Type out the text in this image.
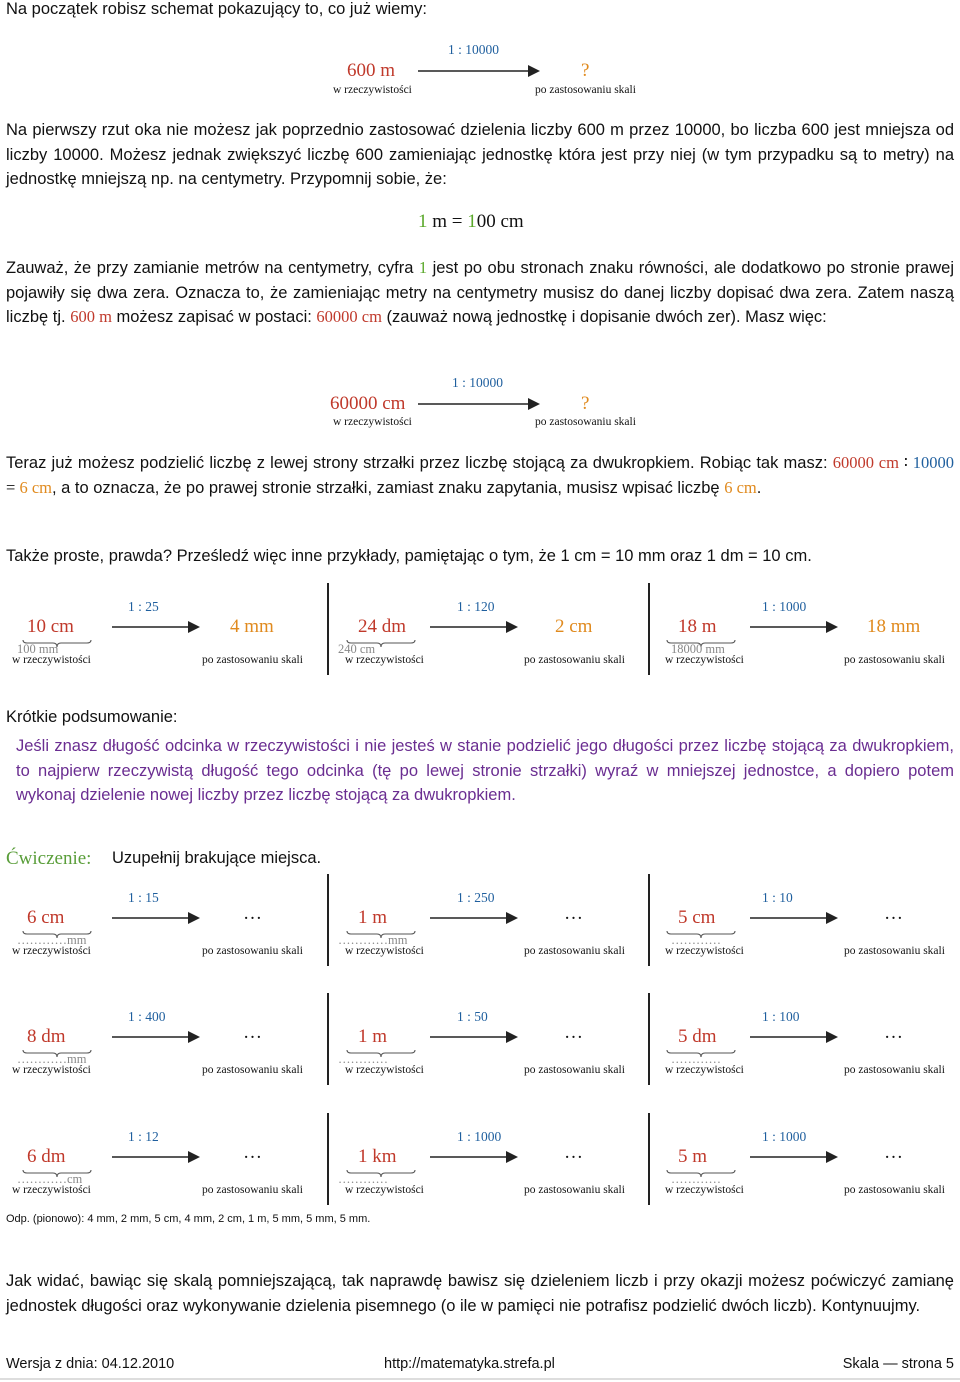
Na początek robisz schemat pokazujący to, co już wiemy:
1 : 10000
600 m	?
w rzeczywistości	po zastosowaniu skali
Na pierwszy rzut oka nie możesz jak poprzednio zastosować dzielenia liczby 600 m przez 10000, bo liczba 600 jest mniejsza od liczby 10000. Możesz jednak zwiększyć liczbę 600 zamieniając jednostkę która jest przy niej (w tym przypadku są to metry) na jednostkę mniejszą np. na centymetry. Przypomnij sobie, że:
1 m = 100 cm
Zauważ, że przy zamianie metrów na centymetry, cyfra 1 jest po obu stronach znaku równości, ale dodatkowo po stronie prawej pojawiły się dwa zera. Oznacza to, że zamieniając metry na centymetry musisz do danej liczby dopisać dwa zera. Zatem naszą liczbę tj. 600 m możesz zapisać w postaci: 60000 cm (zauważ nową jednostkę i dopisanie dwóch zer). Masz więc:
1 : 10000
60000 cm	?
w rzeczywistości	po zastosowaniu skali
Teraz już możesz podzielić liczbę z lewej strony strzałki przez liczbę stojącą za dwukropkiem. Robiąc tak masz: 60000 cm ∶ 10000 = 6 cm, a to oznacza, że po prawej stronie strzałki, zamiast znaku zapytania, musisz wpisać liczbę 6 cm.
Także proste, prawda? Prześledź więc inne przykłady, pamiętając o tym, że 1 cm = 10 mm oraz 1 dm = 10 cm.
1 : 25
10 cm	4 mm
100 mm
w rzeczywistości	po zastosowaniu skali
1 : 120
24 dm	2 cm
240 cm
w rzeczywistości	po zastosowaniu skali
1 : 1000
18 m	18 mm
18000 mm
w rzeczywistości	po zastosowaniu skali
Krótkie podsumowanie:
Jeśli znasz długość odcinka w rzeczywistości i nie jesteś w stanie podzielić jego długości przez liczbę stojącą za dwukropkiem, to najpierw rzeczywistą długość tego odcinka (tę po lewej stronie strzałki) wyraź w mniejszej jednostce, a dopiero potem wykonaj dzielenie nowej liczby przez liczbę stojącą za dwukropkiem.
Ćwiczenie: Uzupełnij brakujące miejsca.
1 : 15
6 cm	…
…………mm
w rzeczywistości	po zastosowaniu skali
1 : 250
1 m	…
…………mm
w rzeczywistości	po zastosowaniu skali
1 : 10
5 cm	…
…………
w rzeczywistości	po zastosowaniu skali
1 : 400
8 dm	…
…………mm
w rzeczywistości	po zastosowaniu skali
1 : 50
1 m	…
…………
w rzeczywistości	po zastosowaniu skali
1 : 100
5 dm	…
…………
w rzeczywistości	po zastosowaniu skali
1 : 12
6 dm	…
…………cm
w rzeczywistości	po zastosowaniu skali
1 : 1000
1 km	…
…………
w rzeczywistości	po zastosowaniu skali
1 : 1000
5 m	…
…………
w rzeczywistości	po zastosowaniu skali
Odp. (pionowo): 4 mm, 2 mm, 5 cm, 4 mm, 2 cm, 1 m, 5 mm, 5 mm, 5 mm.
Jak widać, bawiąc się skalą pomniejszającą, tak naprawdę bawisz się dzieleniem liczb i przy okazji możesz poćwiczyć zamianę jednostek długości oraz wykonywanie dzielenia pisemnego (o ile w pamięci nie potrafisz podzielić dwóch liczb). Kontynuujmy.
Wersja z dnia: 04.12.2010	http://matematyka.strefa.pl	Skala — strona 5
